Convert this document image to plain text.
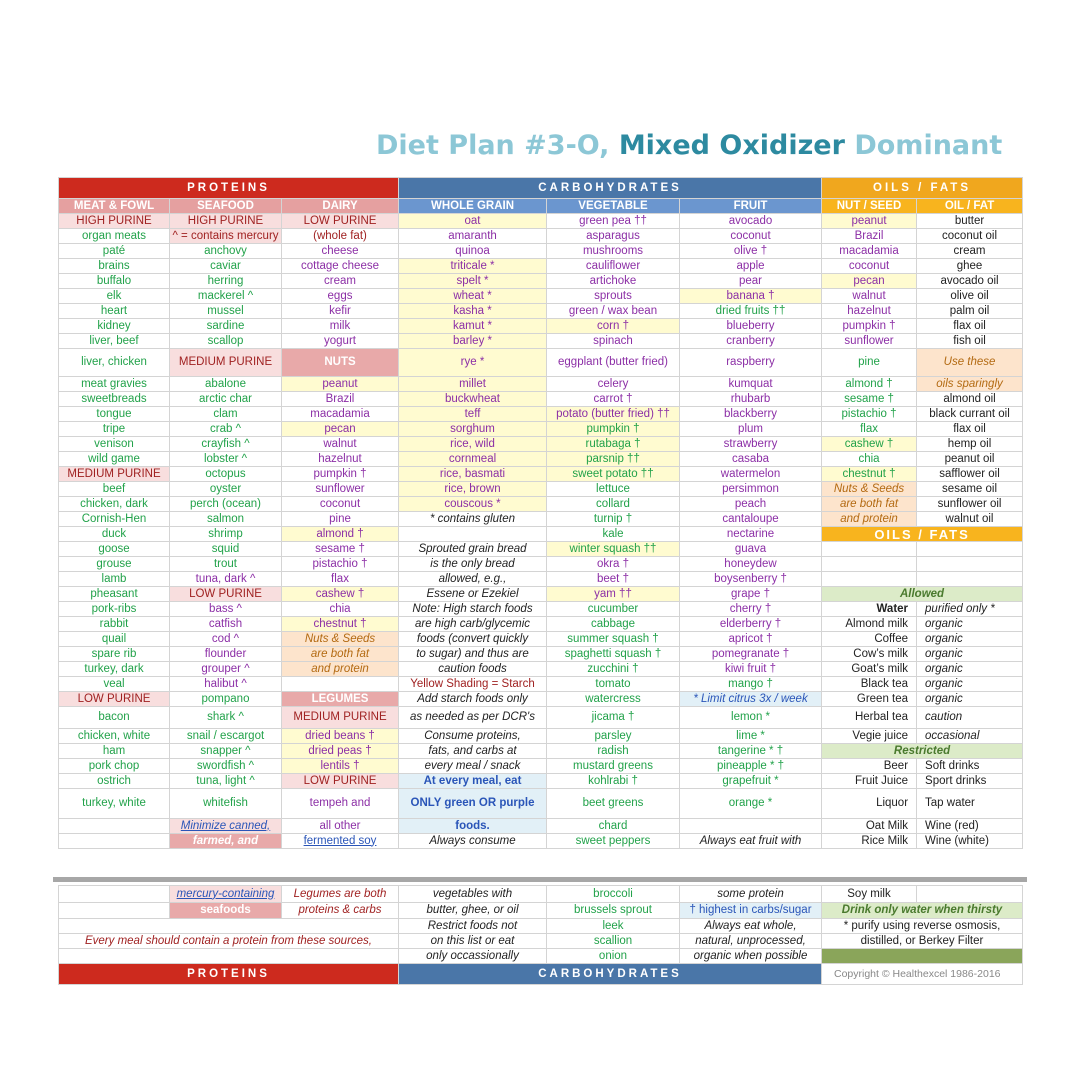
Diet Plan #3-O, Mixed Oxidizer Dominant
PROTEINS			CARBOHYDRATES			OILS / FATS	
MEAT & FOWL	SEAFOOD	DAIRY	WHOLE GRAIN	VEGETABLE	FRUIT	NUT / SEED	OIL / FAT
HIGH PURINE	HIGH PURINE	LOW PURINE	oat	green pea ††	avocado	peanut	butter
organ meats	^ = contains mercury	(whole fat)	amaranth	asparagus	coconut	Brazil	coconut oil
paté	anchovy	cheese	quinoa	mushrooms	olive †	macadamia	cream
brains	caviar	cottage cheese	triticale *	cauliflower	apple	coconut	ghee
buffalo	herring	cream	spelt *	artichoke	pear	pecan	avocado oil
elk	mackerel ^	eggs	wheat *	sprouts	banana †	walnut	olive oil
heart	mussel	kefir	kasha *	green / wax bean	dried fruits ††	hazelnut	palm oil
kidney	sardine	milk	kamut *	corn †	blueberry	pumpkin †	flax oil
liver, beef	scallop	yogurt	barley *	spinach	cranberry	sunflower	fish oil
liver, chicken	MEDIUM PURINE	NUTS	rye *	eggplant (butter fried)	raspberry	pine	Use these
meat gravies	abalone	peanut	millet	celery	kumquat	almond †	oils sparingly
sweetbreads	arctic char	Brazil	buckwheat	carrot †	rhubarb	sesame †	almond oil
tongue	clam	macadamia	teff	potato (butter fried) ††	blackberry	pistachio †	black currant oil
tripe	crab ^	pecan	sorghum	pumpkin †	plum	flax	flax oil
venison	crayfish ^	walnut	rice, wild	rutabaga †	strawberry	cashew †	hemp oil
wild game	lobster ^	hazelnut	cornmeal	parsnip ††	casaba	chia	peanut oil
MEDIUM PURINE	octopus	pumpkin †	rice, basmati	sweet potato ††	watermelon	chestnut †	safflower oil
beef	oyster	sunflower	rice, brown	lettuce	persimmon	Nuts & Seeds	sesame oil
chicken, dark	perch (ocean)	coconut	couscous *	collard	peach	are both fat	sunflower oil
Cornish-Hen	salmon	pine	* contains gluten	turnip †	cantaloupe	and protein	walnut oil
duck	shrimp	almond †		kale	nectarine	OILS / FATS	
goose	squid	sesame †	Sprouted grain bread	winter squash ††	guava		
grouse	trout	pistachio †	is the only bread	okra †	honeydew		
lamb	tuna, dark ^	flax	allowed, e.g.,	beet †	boysenberry †		
pheasant	LOW PURINE	cashew †	Essene or Ezekiel	yam ††	grape †	Allowed	
pork-ribs	bass ^	chia	Note: High starch foods	cucumber	cherry †	Water	purified only *
rabbit	catfish	chestnut †	are high carb/glycemic	cabbage	elderberry †	Almond milk	organic
quail	cod ^	Nuts & Seeds	foods (convert quickly	summer squash †	apricot †	Coffee	organic
spare rib	flounder	are both fat	to sugar) and thus are	spaghetti squash †	pomegranate †	Cow’s milk	organic
turkey, dark	grouper ^	and protein	caution foods	zucchini †	kiwi fruit †	Goat’s milk	organic
veal	halibut ^		Yellow Shading = Starch	tomato	mango †	Black tea	organic
LOW PURINE	pompano	LEGUMES	Add starch foods only	watercress	* Limit citrus 3x / week	Green tea	organic
bacon	shark ^	MEDIUM PURINE	as needed as per DCR's	jicama †	lemon *	Herbal tea	caution
chicken, white	snail / escargot	dried beans †	Consume proteins,	parsley	lime *	Vegie juice	occasional
ham	snapper ^	dried peas †	fats, and carbs at	radish	tangerine * †	Restricted	
pork chop	swordfish ^	lentils †	every meal / snack	mustard greens	pineapple * †	Beer	Soft drinks
ostrich	tuna, light ^	LOW PURINE	At every meal, eat	kohlrabi †	grapefruit *	Fruit Juice	Sport drinks
turkey, white	whitefish	tempeh and	ONLY green OR purple	beet greens	orange *	Liquor	Tap water
	Minimize canned,	all other	foods.	chard		Oat Milk	Wine (red)
	farmed, and	fermented soy	Always consume	sweet peppers	Always eat fruit with	Rice Milk	Wine (white)
	mercury-containing	Legumes are both	vegetables with	broccoli	some protein	Soy milk	
	seafoods	proteins & carbs	butter, ghee, or oil	brussels sprout	† highest in carbs/sugar	Drink only water when thirsty	
			Restrict foods not	leek	Always eat whole,	* purify using reverse osmosis,	
Every meal should contain a protein from these sources,			on this list or eat	scallion	natural, unprocessed,	distilled, or Berkey Filter	
			only occassionally	onion	organic when possible		
PROTEINS			CARBOHYDRATES			Copyright © Healthexcel 1986-2016	
